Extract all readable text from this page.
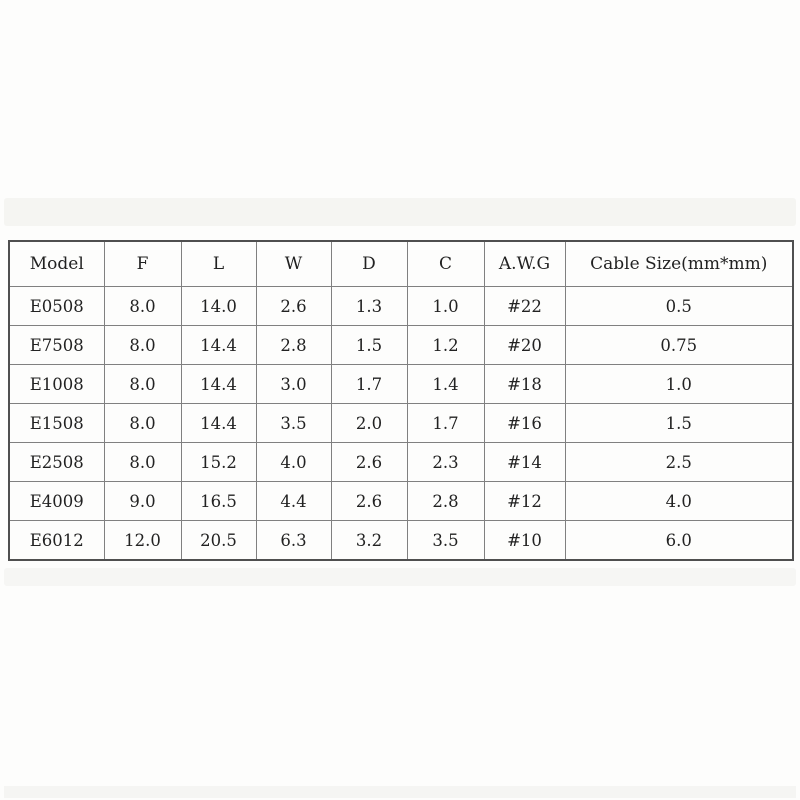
Model	F	L	W	D	C	A.W.G	Cable Size(mm*mm)
E0508	8.0	14.0	2.6	1.3	1.0	#22	0.5
E7508	8.0	14.4	2.8	1.5	1.2	#20	0.75
E1008	8.0	14.4	3.0	1.7	1.4	#18	1.0
E1508	8.0	14.4	3.5	2.0	1.7	#16	1.5
E2508	8.0	15.2	4.0	2.6	2.3	#14	2.5
E4009	9.0	16.5	4.4	2.6	2.8	#12	4.0
E6012	12.0	20.5	6.3	3.2	3.5	#10	6.0
